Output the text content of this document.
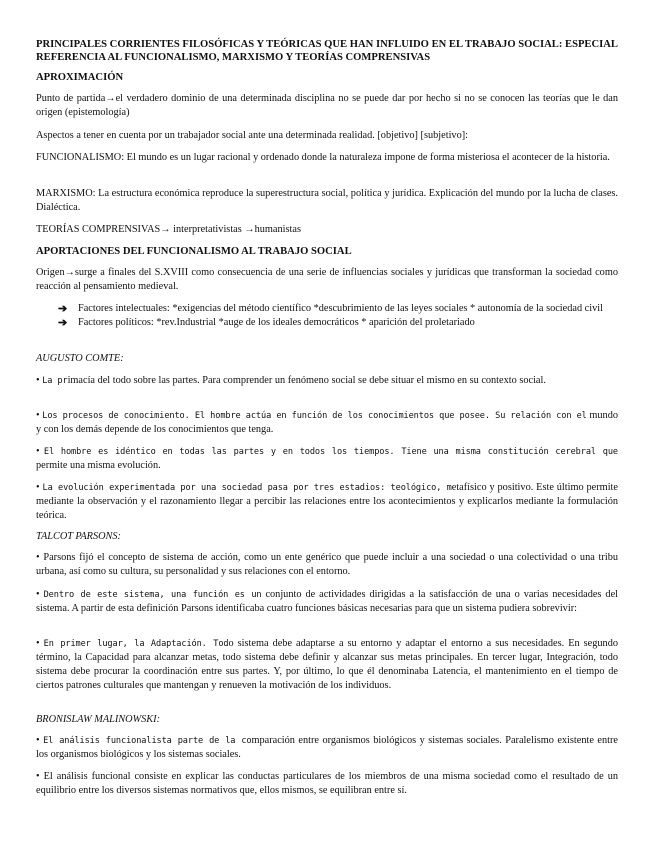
PRINCIPALES CORRIENTES FILOSÓFICAS Y TEÓRICAS QUE HAN INFLUIDO EN EL TRABAJO SOCIAL: ESPECIAL REFERENCIA AL FUNCIONALISMO, MARXISMO Y TEORÍAS COMPRENSIVAS

APROXIMACIÓN

Punto de partida→el verdadero dominio de una determinada disciplina no se puede dar por hecho si no se conocen las teorías que le dan origen (epistemología)

Aspectos a tener en cuenta por un trabajador social ante una determinada realidad. [objetivo] [subjetivo]:

FUNCIONALISMO: El mundo es un lugar racional y ordenado donde la naturaleza impone de forma misteriosa el acontecer de la historia.

MARXISMO: La estructura económica reproduce la superestructura social, política y jurídica. Explicación del mundo por la lucha de clases. Dialéctica.

TEORÍAS COMPRENSIVAS→ interpretativistas →humanistas

APORTACIONES DEL FUNCIONALISMO AL TRABAJO SOCIAL

Origen→surge a finales del S.XVIII como consecuencia de una serie de influencias sociales y jurídicas que transforman la sociedad como reacción al pensamiento medieval.

➔ Factores intelectuales: *exigencias del método científico *descubrimiento de las leyes sociales * autonomía de la sociedad civil
➔ Factores políticos: *rev.Industrial *auge de los ideales democráticos * aparición del proletariado

AUGUSTO COMTE:

• La primacía del todo sobre las partes. Para comprender un fenómeno social se debe situar el mismo en su contexto social.

• Los procesos de conocimiento. El hombre actúa en función de los conocimientos que posee. Su relación con el mundo y con los demás depende de los conocimientos que tenga.

• El hombre es idéntico en todas las partes y en todos los tiempos. Tiene una misma constitución cerebral que permite una misma evolución.

• La evolución experimentada por una sociedad pasa por tres estadios: teológico, metafísico y positivo. Este último permite mediante la observación y el razonamiento llegar a percibir las relaciones entre los acontecimientos y explicarlos mediante la formulación teórica.

TALCOT PARSONS:

• Parsons fijó el concepto de sistema de acción, como un ente genérico que puede incluir a una sociedad o una colectividad o una tribu urbana, así como su cultura, su personalidad y sus relaciones con el entorno.

• Dentro de este sistema, una función es un conjunto de actividades dirigidas a la satisfacción de una o varias necesidades del sistema. A partir de esta definición Parsons identificaba cuatro funciones básicas necesarias para que un sistema pudiera sobrevivir:

• En primer lugar, la Adaptación. Todo sistema debe adaptarse a su entorno y adaptar el entorno a sus necesidades. En segundo término, la Capacidad para alcanzar metas, todo sistema debe definir y alcanzar sus metas principales. En tercer lugar, Integración, todo sistema debe procurar la coordinación entre sus partes. Y, por último, lo que él denominaba Latencia, el mantenimiento en el tiempo de ciertos patrones culturales que mantengan y renueven la motivación de los individuos.

BRONISLAW MALINOWSKI:

• El análisis funcionalista parte de la comparación entre organismos biológicos y sistemas sociales. Paralelismo existente entre los organismos biológicos y los sistemas sociales.

• El análisis funcional consiste en explicar las conductas particulares de los miembros de una misma sociedad como el resultado de un equilibrio entre los diversos sistemas normativos que, ellos mismos, se equilibran entre sí.
